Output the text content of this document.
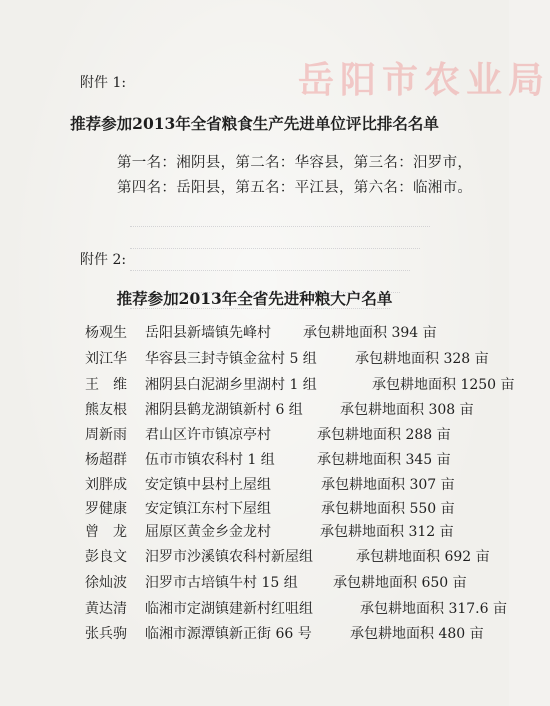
岳阳市农业局
附件 1:
推荐参加2013年全省粮食生产先进单位评比排名名单
第一名：湘阴县，第二名：华容县，第三名：汨罗市，
第四名：岳阳县，第五名：平江县，第六名：临湘市。
附件 2:
推荐参加2013年全省先进种粮大户名单
杨观生 岳阳县新墙镇先峰村 承包耕地面积 394 亩
刘江华 华容县三封寺镇金盆村 5 组	承包耕地面积 328 亩
王　维 湘阴县白泥湖乡里湖村 1 组	承包耕地面积 1250 亩
熊友根 湘阴县鹤龙湖镇新村 6 组	承包耕地面积 308 亩
周新雨 君山区许市镇凉亭村	承包耕地面积 288 亩
杨超群 伍市市镇农科村 1 组	承包耕地面积 345 亩
刘胖成 安定镇中县村上屋组	承包耕地面积 307 亩
罗健康 安定镇江东村下屋组	承包耕地面积 550 亩
曾　龙 屈原区黄金乡金龙村	承包耕地面积 312 亩
彭良文 汨罗市沙溪镇农科村新屋组	承包耕地面积 692 亩
徐灿波 汨罗市古培镇牛村 15 组	承包耕地面积 650 亩
黄达清 临湘市定湖镇建新村红咀组	承包耕地面积 317.6 亩
张兵驹 临湘市源潭镇新正街 66 号	承包耕地面积 480 亩
